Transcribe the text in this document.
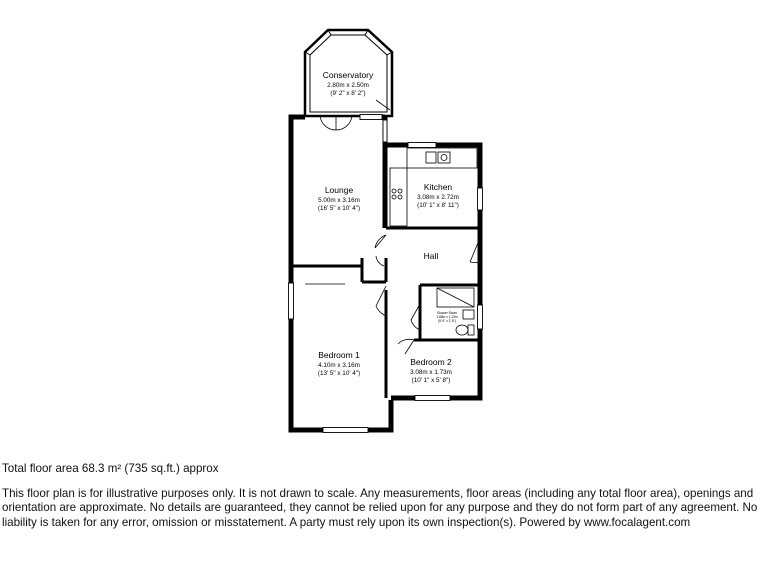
Conservatory
2.80m x 2.50m
(9' 2" x 8' 2")
Lounge
5.00m x 3.16m
(16' 5" x 10' 4")
Kitchen
3.08m x 2.72m
(10' 1" x 8' 11")
Hall
Shower Room
1.68m x 1.13m
(5' 6" x 3' 8")
Bedroom 1
4.10m x 3.16m
(13' 5" x 10' 4")
Bedroom 2
3.08m x 1.73m
(10' 1" x 5' 8")

Total floor area 68.3 m² (735 sq.ft.) approx

This floor plan is for illustrative purposes only. It is not drawn to scale. Any measurements, floor areas (including any total floor area), openings and orientation are approximate. No details are guaranteed, they cannot be relied upon for any purpose and they do not form part of any agreement. No liability is taken for any error, omission or misstatement. A party must rely upon its own inspection(s). Powered by www.focalagent.com
